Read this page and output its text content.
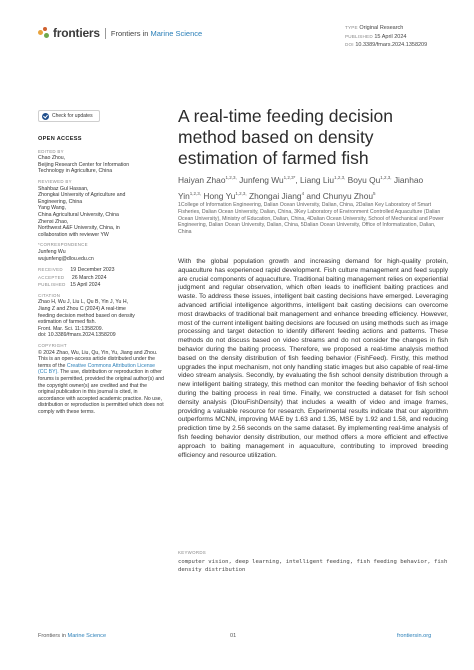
frontiers Frontiers in Marine Science
TYPE Original Research
PUBLISHED 15 April 2024
DOI 10.3389/fmars.2024.1358209
Check for updates
OPEN ACCESS
EDITED BY
Chao Zhou,
Beijing Research Center for Information
Technology in Agriculture, China
REVIEWED BY
Shahbaz Gul Hassan,
Zhongkai University of Agriculture and
Engineering, China
Yang Wang,
China Agricultural University, China
Zhenxi Zhao,
Northwest A&F University, China, in
collaboration with reviewer YW
*CORRESPONDENCE
Junfeng Wu
wujunfeng@dlou.edu.cn
RECEIVED 19 December 2023
ACCEPTED 26 March 2024
PUBLISHED 15 April 2024
CITATION
Zhao H, Wu J, Liu L, Qu B, Yin J, Yu H,
Jiang Z and Zhou C (2024) A real-time
feeding decision method based on density
estimation of farmed fish.
Front. Mar. Sci. 11:1358209.
doi: 10.3389/fmars.2024.1358209
COPYRIGHT
© 2024 Zhao, Wu, Liu, Qu, Yin, Yu, Jiang and Zhou. This is an open-access article distributed under the terms of the Creative Commons Attribution License (CC BY). The use, distribution or reproduction in other forums is permitted, provided the original author(s) and the copyright owner(s) are credited and that the original publication in this journal is cited, in accordance with accepted academic practice. No use, distribution or reproduction is permitted which does not comply with these terms.
A real-time feeding decision method based on density estimation of farmed fish
Haiyan Zhao$^{1,2,3,}$ Junfeng $Wu^{1,2,3*}$, Liang Liu$^{1,2,3,}$ Boyu $Qu^{1,2,3,}$ Jianhao Yin$^{1,2,3,}$ Hong $Yu^{1,2,3,}$ Zhongai Jiang$^4$ and Chunyu Zhou$^5$
1College of Information Engineering, Dalian Ocean University, Dalian, China, 2Dalian Key Laboratory of Smart Fisheries, Dalian Ocean University, Dalian, China, 3Key Laboratory of Environment Controlled Aquaculture (Dalian Ocean University), Ministry of Education, Dalian, China, 4Dalian Ocean University, School of Mechanical and Power Engineering, Dalian Ocean University, Dalian, China, 5Dalian Ocean University, Office of Informatization, Dalian, China
With the global population growth and increasing demand for high-quality protein, aquaculture has experienced rapid development. Fish culture management and feed supply are crucial components of aquaculture. Traditional baiting management relies on experiential judgment and regular observation, which often leads to inefficient baiting practices and waste. To address these issues, intelligent bait casting decisions have emerged. Leveraging advanced artificial intelligence algorithms, intelligent bait casting decisions can overcome most drawbacks of traditional bait management and enhance breeding efficiency. However, most of the current intelligent baiting decisions are focused on using methods such as image processing and target detection to identify different feeding actions and patterns. These methods do not discuss based on video streams and do not consider the changes in fish behavior during the baiting process. Therefore, we proposed a real-time analysis method based on the density distribution of fish feeding behavior (FishFeed). Firstly, this method upgrades the input mechanism, not only handling static images but also capable of real-time video stream analysis. Secondly, by evaluating the fish school density distribution through a new intelligent baiting strategy, this method can monitor the feeding behavior of fish school during the baiting process in real time. Finally, we constructed a dataset for fish school density analysis (DlouFishDensity) that includes a wealth of video and image frames, providing a valuable resource for research. Experimental results indicate that our algorithm outperforms MCNN, improving MAE by 1.63 and 1.35, MSE by 1.92 and 1.58, and reducing prediction time by 2.56 seconds on the same dataset. By implementing real-time analysis of fish feeding behavior density distribution, our method offers a more efficient and effective approach to baiting management in aquaculture, contributing to improved breeding efficiency and resource utilization.
KEYWORDS
computer vision, deep learning, intelligent feeding, fish feeding behavior, fish density distribution
Frontiers in Marine Science	01	frontiersin.org
